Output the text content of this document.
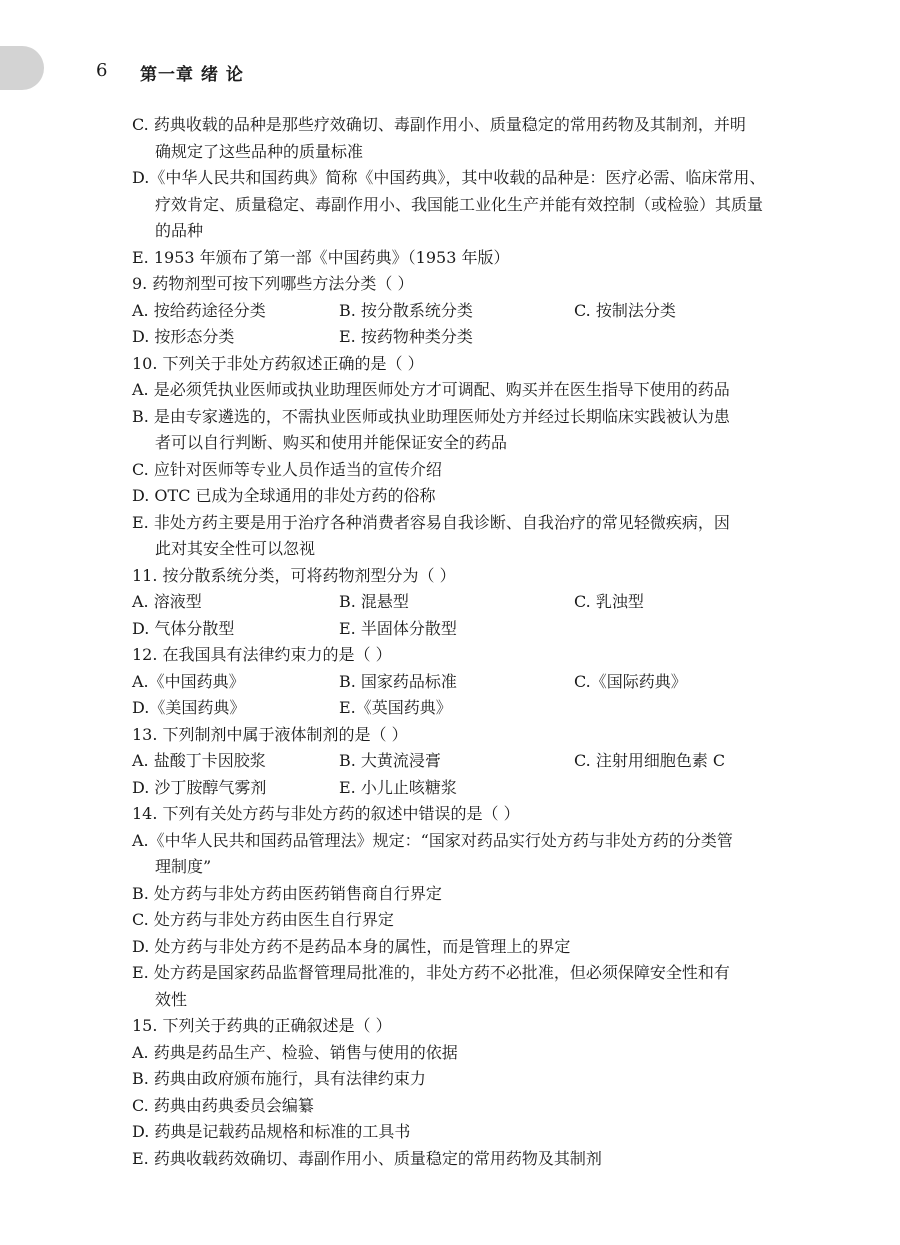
6 第一章 绪 论
C. 药典收载的品种是那些疗效确切、毒副作用小、质量稳定的常用药物及其制剂，并明
确规定了这些品种的质量标准
D.《中华人民共和国药典》简称《中国药典》，其中收载的品种是：医疗必需、临床常用、
疗效肯定、质量稳定、毒副作用小、我国能工业化生产并能有效控制（或检验）其质量
的品种
E. 1953 年颁布了第一部《中国药典》（1953 年版）
9. 药物剂型可按下列哪些方法分类（ ）
A. 按给药途径分类	B. 按分散系统分类	C. 按制法分类
D. 按形态分类	E. 按药物种类分类
10. 下列关于非处方药叙述正确的是（ ）
A. 是必须凭执业医师或执业助理医师处方才可调配、购买并在医生指导下使用的药品
B. 是由专家遴选的，不需执业医师或执业助理医师处方并经过长期临床实践被认为患
者可以自行判断、购买和使用并能保证安全的药品
C. 应针对医师等专业人员作适当的宣传介绍
D. OTC 已成为全球通用的非处方药的俗称
E. 非处方药主要是用于治疗各种消费者容易自我诊断、自我治疗的常见轻微疾病，因
此对其安全性可以忽视
11. 按分散系统分类，可将药物剂型分为（ ）
A. 溶液型	B. 混悬型	C. 乳浊型
D. 气体分散型	E. 半固体分散型
12. 在我国具有法律约束力的是（ ）
A.《中国药典》	B. 国家药品标准	C.《国际药典》
D.《美国药典》	E.《英国药典》
13. 下列制剂中属于液体制剂的是（ ）
A. 盐酸丁卡因胶浆	B. 大黄流浸膏	C. 注射用细胞色素 C
D. 沙丁胺醇气雾剂	E. 小儿止咳糖浆
14. 下列有关处方药与非处方药的叙述中错误的是（ ）
A.《中华人民共和国药品管理法》规定：“国家对药品实行处方药与非处方药的分类管
理制度”
B. 处方药与非处方药由医药销售商自行界定
C. 处方药与非处方药由医生自行界定
D. 处方药与非处方药不是药品本身的属性，而是管理上的界定
E. 处方药是国家药品监督管理局批准的，非处方药不必批准，但必须保障安全性和有
效性
15. 下列关于药典的正确叙述是（ ）
A. 药典是药品生产、检验、销售与使用的依据
B. 药典由政府颁布施行，具有法律约束力
C. 药典由药典委员会编纂
D. 药典是记载药品规格和标准的工具书
E. 药典收载药效确切、毒副作用小、质量稳定的常用药物及其制剂
